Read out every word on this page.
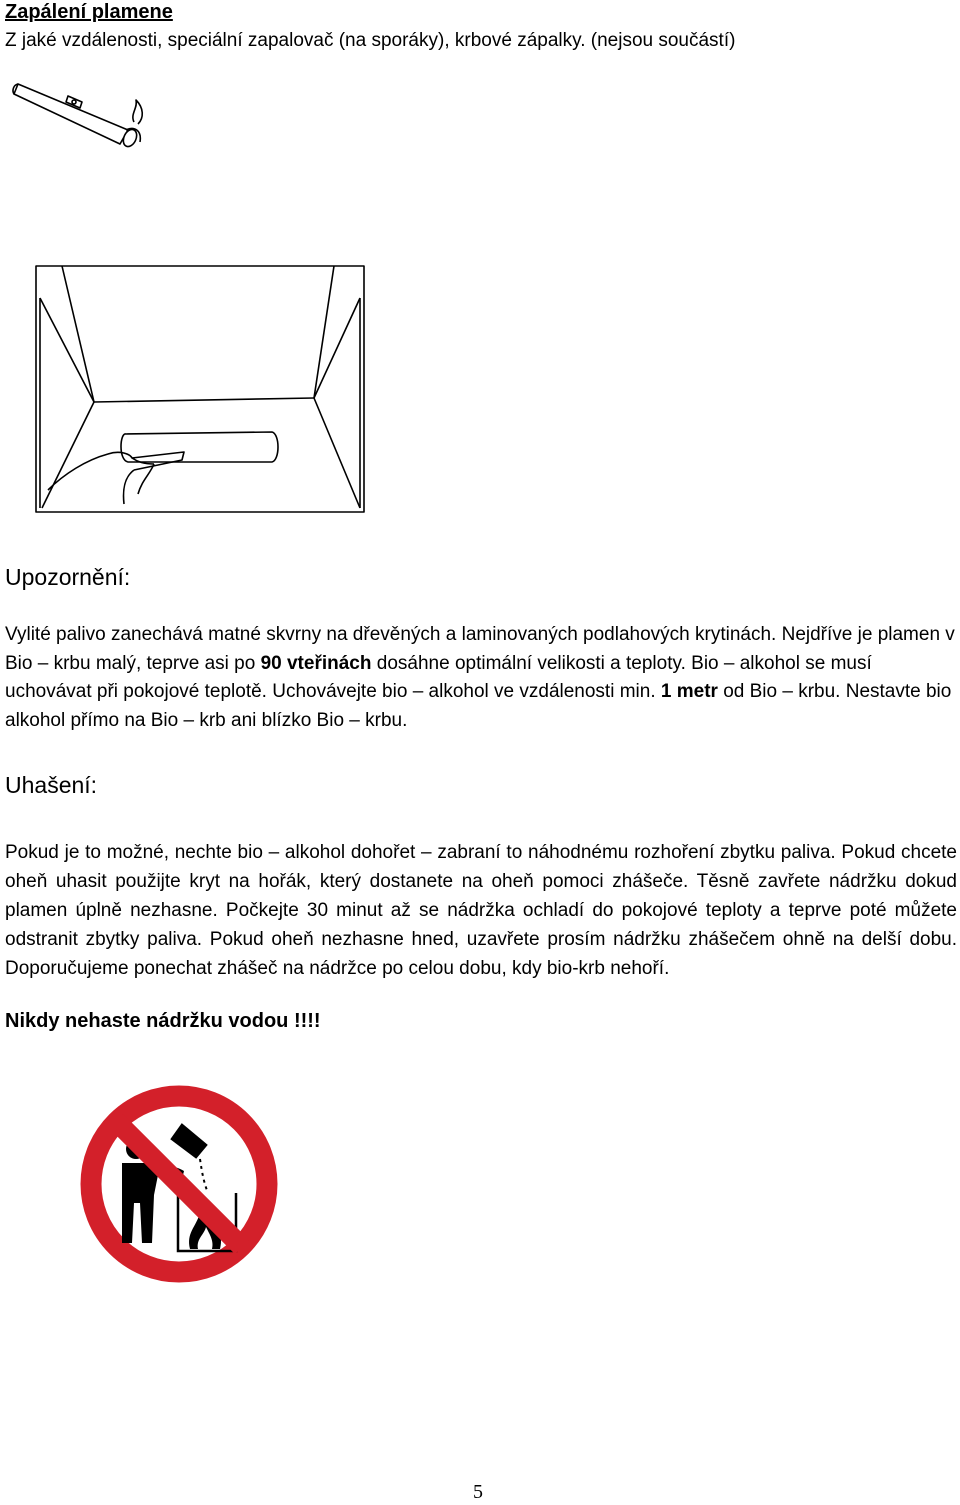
Zapálení plamene
Z jaké vzdálenosti, speciální zapalovač (na sporáky), krbové zápalky. (nejsou součástí)
Upozornění:
Vylité palivo zanechává matné skvrny na dřevěných a laminovaných podlahových krytinách. Nejdříve je plamen v Bio – krbu malý, teprve asi po 90 vteřinách dosáhne optimální velikosti a teploty. Bio – alkohol se musí uchovávat při pokojové teplotě. Uchovávejte bio – alkohol ve vzdálenosti min. 1 metr od Bio – krbu. Nestavte bio alkohol přímo na Bio – krb ani blízko Bio – krbu.
Uhašení:
Pokud je to možné, nechte bio – alkohol dohořet – zabraní to náhodnému rozhoření zbytku paliva. Pokud chcete oheň uhasit použijte kryt na hořák, který dostanete na oheň pomoci zhášeče. Těsně zavřete nádržku dokud plamen úplně nezhasne. Počkejte 30 minut až se nádržka ochladí do pokojové teploty a teprve poté můžete odstranit zbytky paliva. Pokud oheň nezhasne hned, uzavřete prosím nádržku zhášečem ohně na delší dobu. Doporučujeme ponechat zhášeč na nádržce po celou dobu, kdy bio-krb nehoří.
Nikdy nehaste nádržku vodou !!!!
5
